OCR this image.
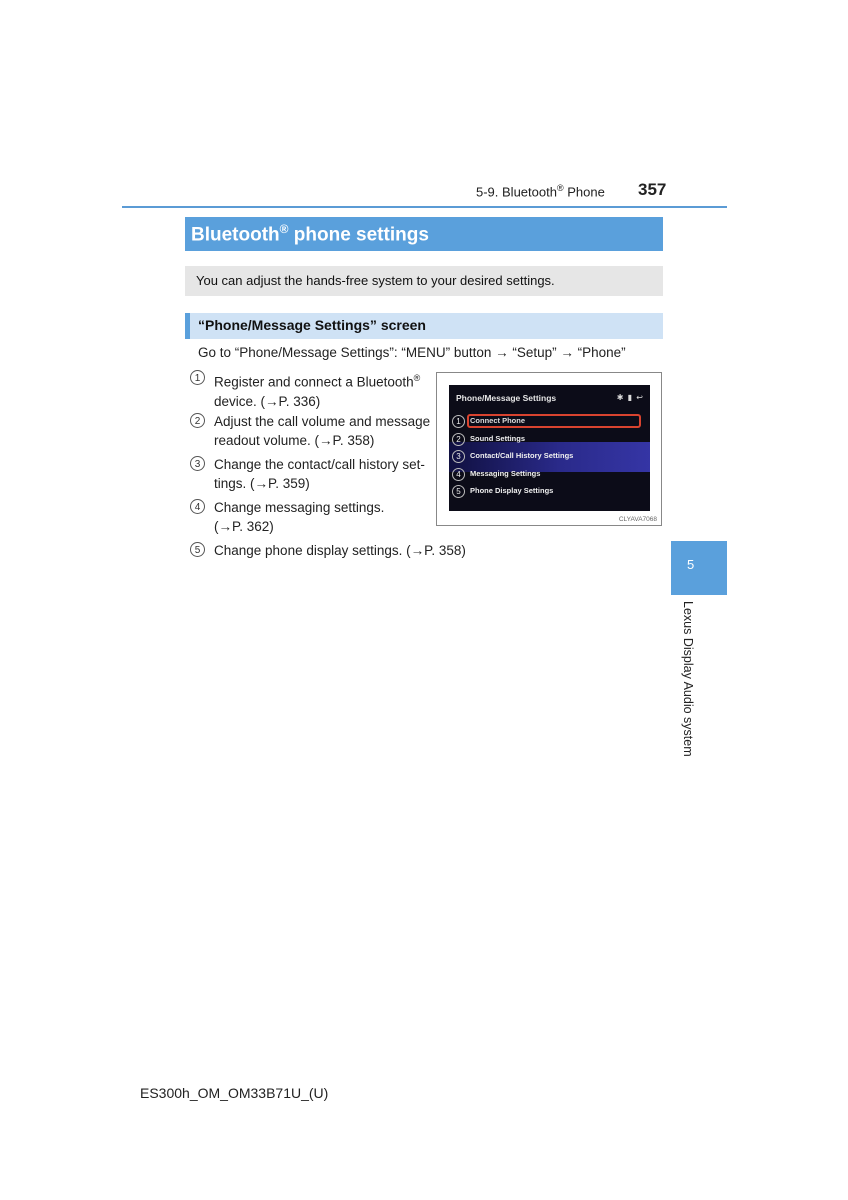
5-9. Bluetooth® Phone 357
Bluetooth® phone settings
You can adjust the hands-free system to your desired settings.
“Phone/Message Settings” screen
Go to “Phone/Message Settings”: “MENU” button → “Setup” → “Phone”
1	Register and connect a Bluetooth®
device. (→P. 336)
2	Adjust the call volume and message
readout volume. (→P. 358)
3	Change the contact/call history set-
tings. (→P. 359)
4	Change messaging settings.
(→P. 362)
5	Change phone display settings. (→P. 358)
Phone/Message Settings	✱ ▮ ↩
1	Connect Phone
2	Sound Settings
3	Contact/Call History Settings
4	Messaging Settings
5	Phone Display Settings
CLYAVA7068
5
Lexus Display Audio system
ES300h_OM_OM33B71U_(U)
